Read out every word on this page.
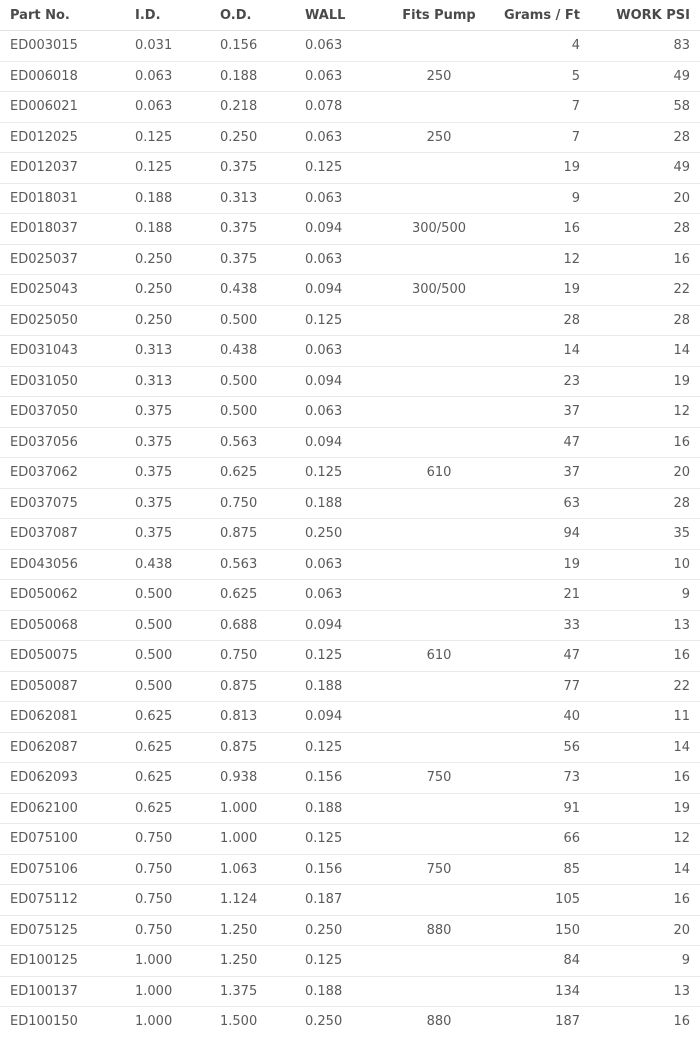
Part No.	I.D.	O.D.	WALL	Fits Pump	Grams / Ft	WORK PSI
ED003015	0.031	0.156	0.063		4	83
ED006018	0.063	0.188	0.063	250	5	49
ED006021	0.063	0.218	0.078		7	58
ED012025	0.125	0.250	0.063	250	7	28
ED012037	0.125	0.375	0.125		19	49
ED018031	0.188	0.313	0.063		9	20
ED018037	0.188	0.375	0.094	300/500	16	28
ED025037	0.250	0.375	0.063		12	16
ED025043	0.250	0.438	0.094	300/500	19	22
ED025050	0.250	0.500	0.125		28	28
ED031043	0.313	0.438	0.063		14	14
ED031050	0.313	0.500	0.094		23	19
ED037050	0.375	0.500	0.063		37	12
ED037056	0.375	0.563	0.094		47	16
ED037062	0.375	0.625	0.125	610	37	20
ED037075	0.375	0.750	0.188		63	28
ED037087	0.375	0.875	0.250		94	35
ED043056	0.438	0.563	0.063		19	10
ED050062	0.500	0.625	0.063		21	9
ED050068	0.500	0.688	0.094		33	13
ED050075	0.500	0.750	0.125	610	47	16
ED050087	0.500	0.875	0.188		77	22
ED062081	0.625	0.813	0.094		40	11
ED062087	0.625	0.875	0.125		56	14
ED062093	0.625	0.938	0.156	750	73	16
ED062100	0.625	1.000	0.188		91	19
ED075100	0.750	1.000	0.125		66	12
ED075106	0.750	1.063	0.156	750	85	14
ED075112	0.750	1.124	0.187		105	16
ED075125	0.750	1.250	0.250	880	150	20
ED100125	1.000	1.250	0.125		84	9
ED100137	1.000	1.375	0.188		134	13
ED100150	1.000	1.500	0.250	880	187	16
